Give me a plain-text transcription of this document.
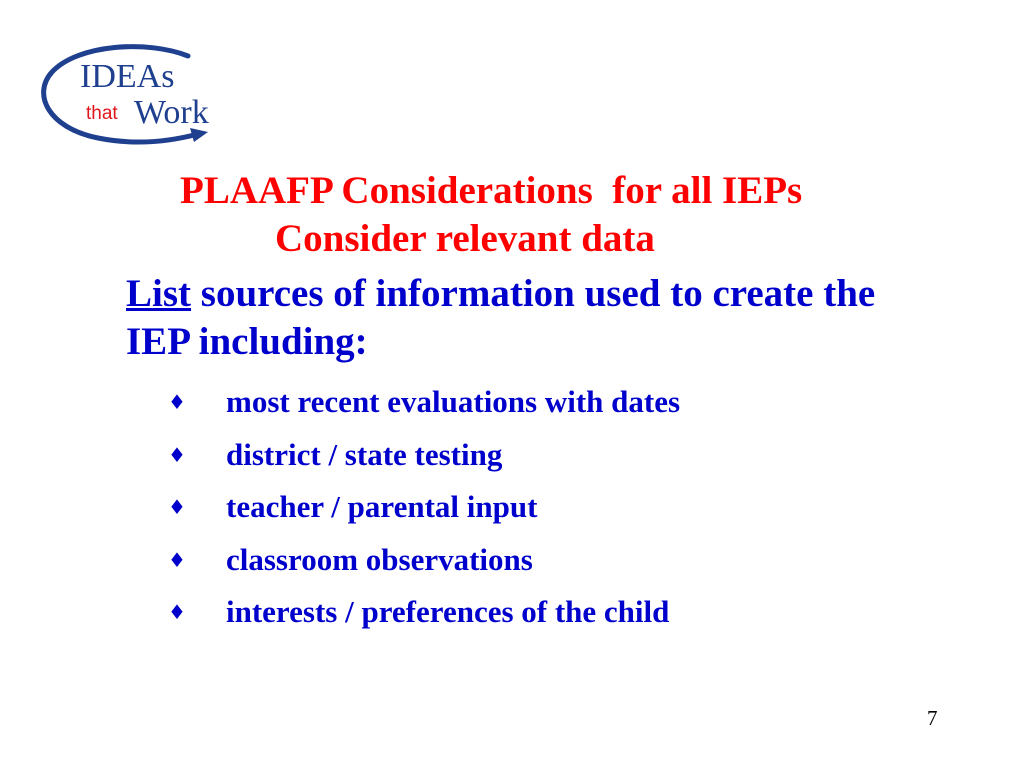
IDEAs
that Work
PLAAFP Considerations  for all IEPs
Consider relevant data
List sources of information used to create the IEP including:
♦ most recent evaluations with dates
♦ district / state testing
♦ teacher / parental input
♦ classroom observations
♦ interests / preferences of the child
7
